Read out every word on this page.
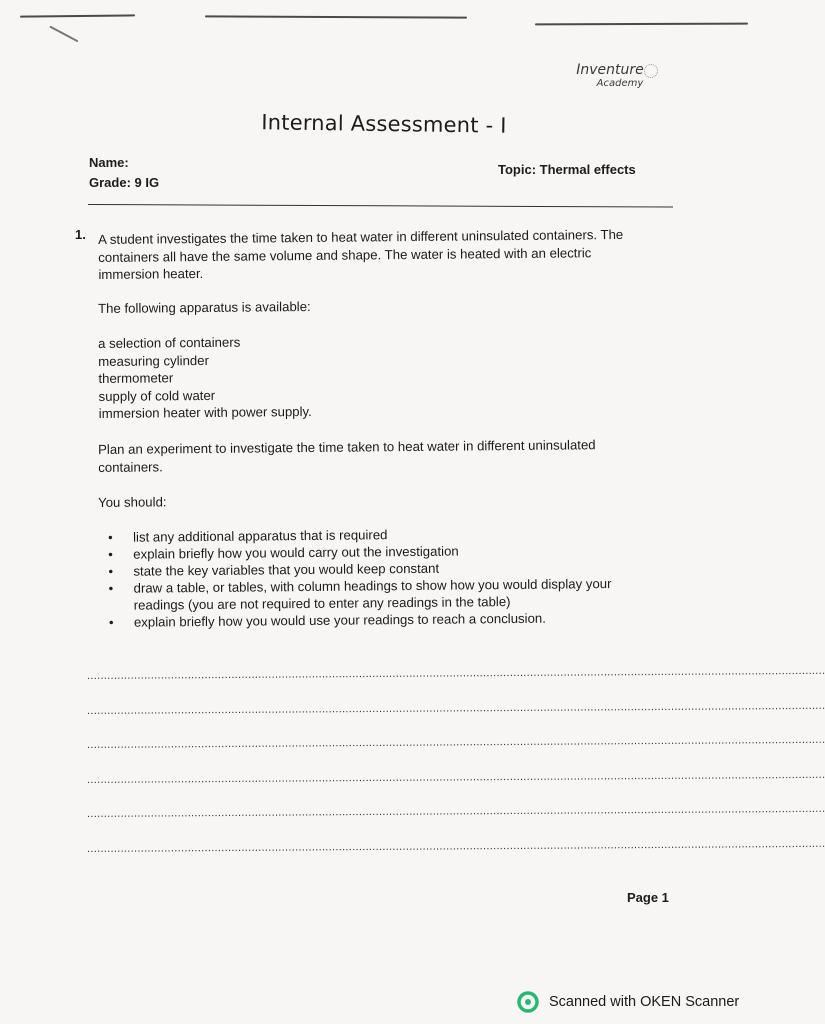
Inventure
Academy
Internal Assessment - I
Name:
Grade: 9 IG
Topic: Thermal effects
1. A student investigates the time taken to heat water in different uninsulated containers. The
containers all have the same volume and shape. The water is heated with an electric
immersion heater.
The following apparatus is available:
a selection of containers
measuring cylinder
thermometer
supply of cold water
immersion heater with power supply.
Plan an experiment to investigate the time taken to heat water in different uninsulated
containers.
You should:
• list any additional apparatus that is required
• explain briefly how you would carry out the investigation
• state the key variables that you would keep constant
• draw a table, or tables, with column headings to show how you would display your
readings (you are not required to enter any readings in the table)
• explain briefly how you would use your readings to reach a conclusion.
............................................................................................................................................................................................................................
............................................................................................................................................................................................................................
............................................................................................................................................................................................................................
............................................................................................................................................................................................................................
............................................................................................................................................................................................................................
............................................................................................................................................................................................................................
Page 1
Scanned with OKEN Scanner
